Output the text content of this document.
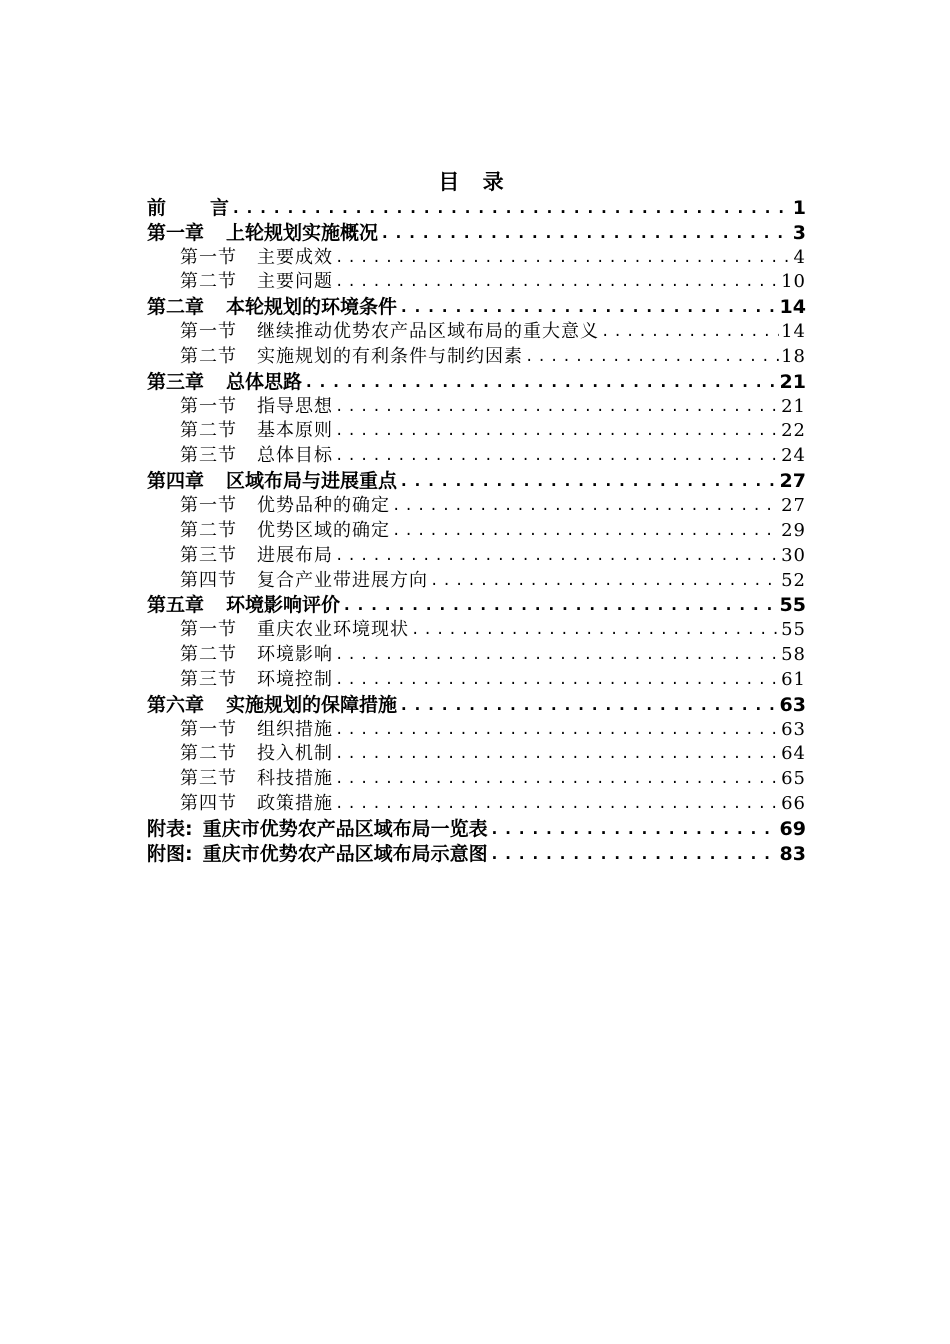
目 录
前 言 .....	1
第一章 上轮规划实施概况 .....	3
第一节 主要成效 .....	4
第二节 主要问题 .....	10
第二章 本轮规划的环境条件 .....	14
第一节 继续推动优势农产品区域布局的重大意义 .....	14
第二节 实施规划的有利条件与制约因素 .....	18
第三章 总体思路 .....	21
第一节 指导思想 .....	21
第二节 基本原则 .....	22
第三节 总体目标 .....	24
第四章 区域布局与进展重点 .....	27
第一节 优势品种的确定 .....	27
第二节 优势区域的确定 .....	29
第三节 进展布局 .....	30
第四节 复合产业带进展方向 .....	52
第五章 环境影响评价 .....	55
第一节 重庆农业环境现状 .....	55
第二节 环境影响 .....	58
第三节 环境控制 .....	61
第六章 实施规划的保障措施 .....	63
第一节 组织措施 .....	63
第二节 投入机制 .....	64
第三节 科技措施 .....	65
第四节 政策措施 .....	66
附表: 重庆市优势农产品区域布局一览表 .....	69
附图: 重庆市优势农产品区域布局示意图 .....	83
